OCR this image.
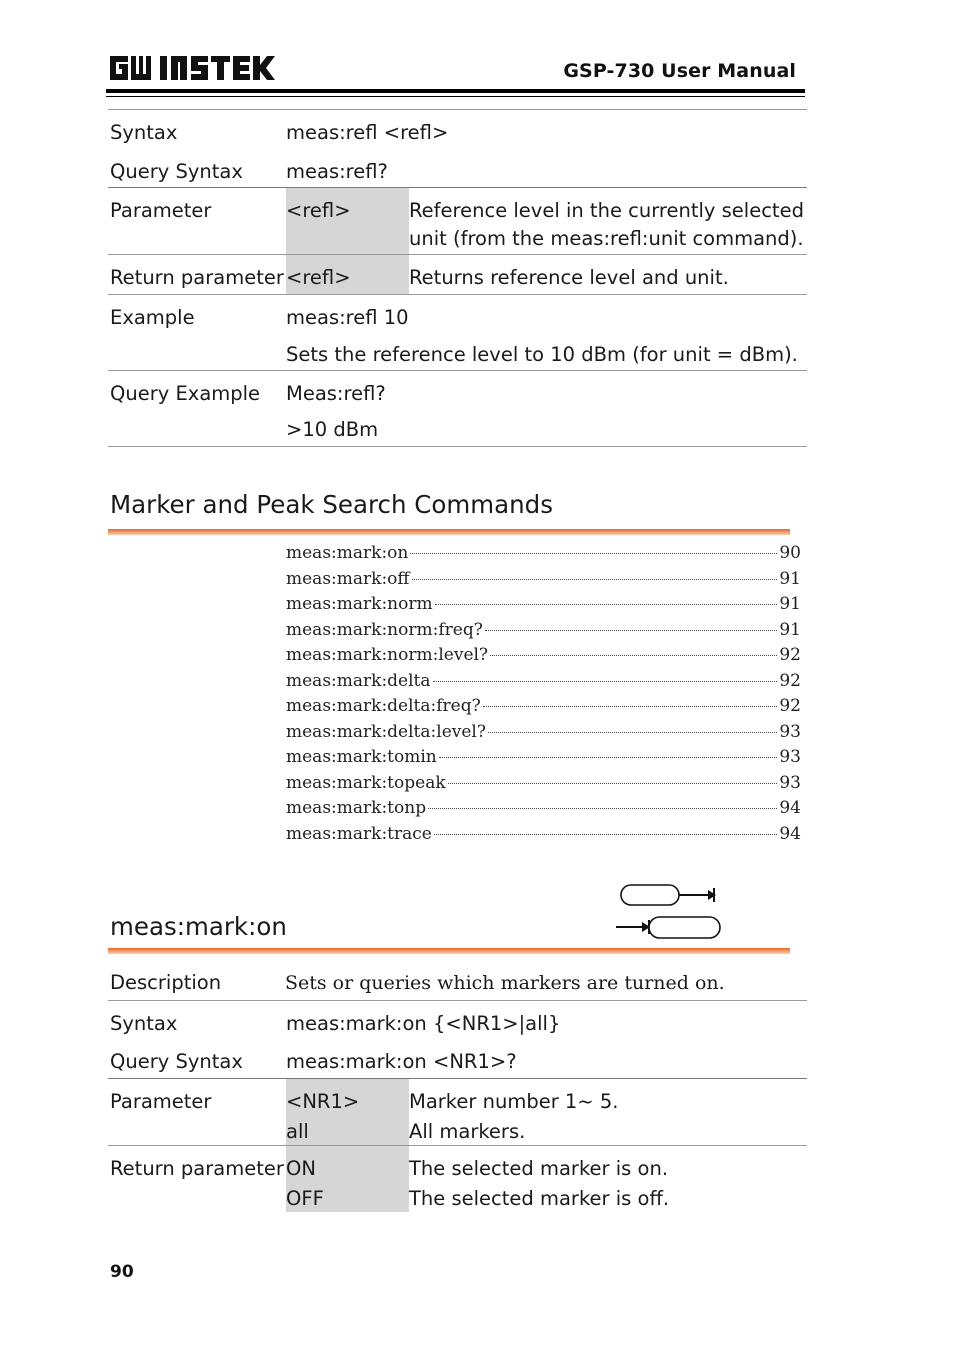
GSP-730 User Manual
Syntax	meas:refl <refl>
Query Syntax meas:refl?
Parameter	<refl>	Reference level in the currently selected
unit (from the meas:refl:unit command).
Return parameter <refl>	Returns reference level and unit.
Example	meas:refl 10
Sets the reference level to 10 dBm (for unit = dBm).
Query Example Meas:refl?
>10 dBm
Marker and Peak Search Commands
meas:mark:on	90
meas:mark:off	91
meas:mark:norm	91
meas:mark:norm:freq?	91
meas:mark:norm:level?	92
meas:mark:delta	92
meas:mark:delta:freq?	92
meas:mark:delta:level?	93
meas:mark:tomin	93
meas:mark:topeak	93
meas:mark:tonp	94
meas:mark:trace	94
meas:mark:on
Description	Sets or queries which markers are turned on.
Syntax	meas:mark:on {<NR1>|all}
Query Syntax meas:mark:on <NR1>?
Parameter	<NR1>	Marker number 1~ 5.
all	All markers.
Return parameter ON	The selected marker is on.
OFF	The selected marker is off.
90
